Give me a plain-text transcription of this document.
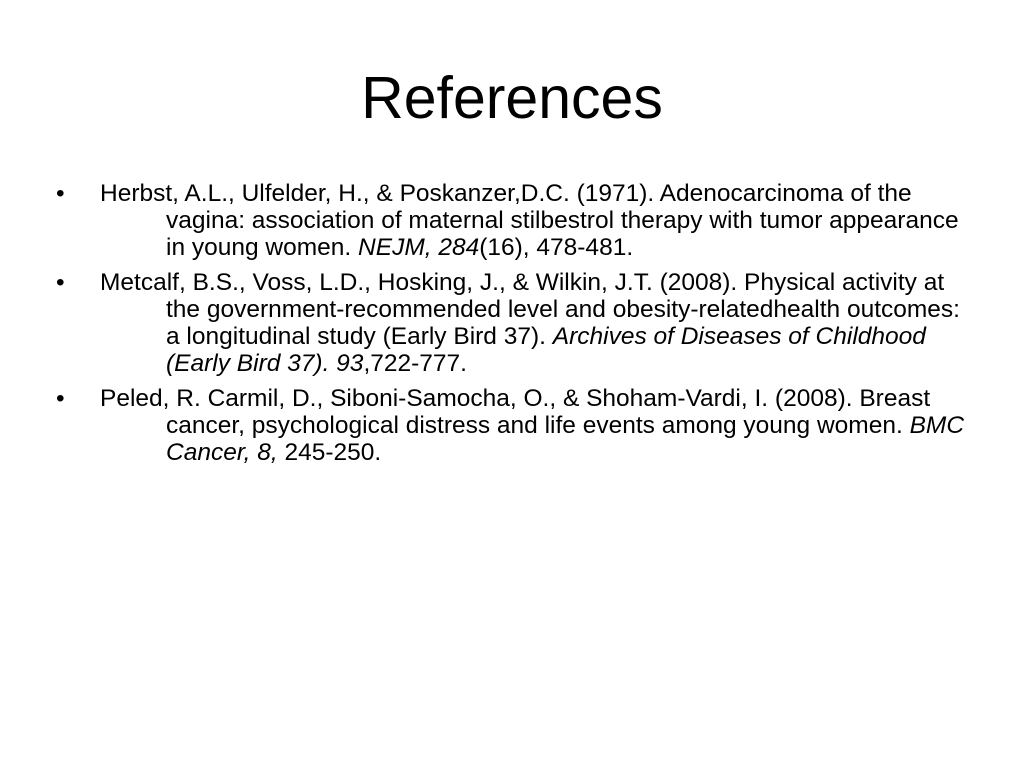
References
•	Herbst, A.L., Ulfelder, H., & Poskanzer,D.C. (1971). Adenocarcinoma of the vagina: association of maternal stilbestrol therapy with tumor appearance in young women. NEJM, 284(16), 478-481.
•	Metcalf, B.S., Voss, L.D., Hosking, J., & Wilkin, J.T. (2008). Physical activity at the government-recommended level and obesity-relatedhealth outcomes: a longitudinal study (Early Bird 37). Archives of Diseases of Childhood (Early Bird 37). 93,722-777.
•	Peled, R. Carmil, D., Siboni-Samocha, O., & Shoham-Vardi, I. (2008). Breast cancer, psychological distress and life events among young women. BMC Cancer, 8, 245-250.
